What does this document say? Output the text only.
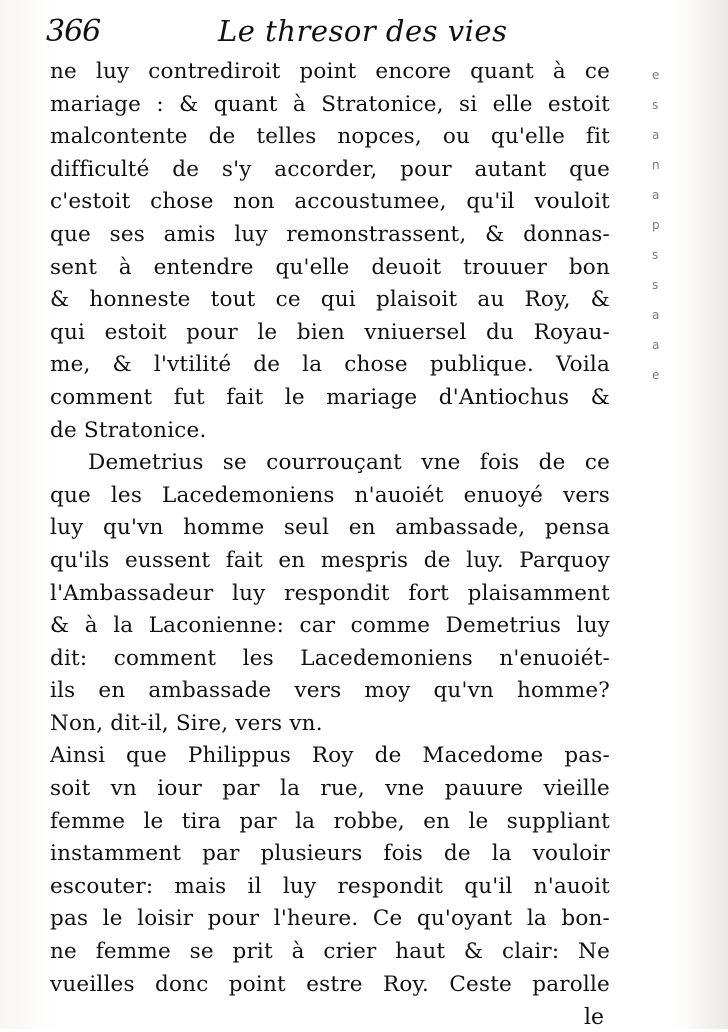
366	Le thresor des vies
ne luy contrediroit point encore quant à ce
mariage : & quant à Stratonice, si elle estoit
malcontente de telles nopces, ou qu'elle fit
difficulté de s'y accorder, pour autant que
c'estoit chose non accoustumee, qu'il vouloit
que ses amis luy remonstrassent, & donnas-
sent à entendre qu'elle deuoit trouuer bon
& honneste tout ce qui plaisoit au Roy, &
qui estoit pour le bien vniuersel du Royau-
me, & l'vtilité de la chose publique. Voila
comment fut fait le mariage d'Antiochus &
de Stratonice.
Demetrius se courrouçant vne fois de ce
que les Lacedemoniens n'auoiét enuoyé vers
luy qu'vn homme seul en ambassade, pensa
qu'ils eussent fait en mespris de luy. Parquoy
l'Ambassadeur luy respondit fort plaisamment
& à la Laconienne: car comme Demetrius luy
dit: comment les Lacedemoniens n'enuoiét-
ils en ambassade vers moy qu'vn homme?
Non, dit-il, Sire, vers vn.
Ainsi que Philippus Roy de Macedome pas-
soit vn iour par la rue, vne pauure vieille
femme le tira par la robbe, en le suppliant
instamment par plusieurs fois de la vouloir
escouter: mais il luy respondit qu'il n'auoit
pas le loisir pour l'heure. Ce qu'oyant la bon-
ne femme se prit à crier haut & clair: Ne
vueilles donc point estre Roy. Ceste parolle
le
e
s
a
n
a
p
s
s
a
a
e
